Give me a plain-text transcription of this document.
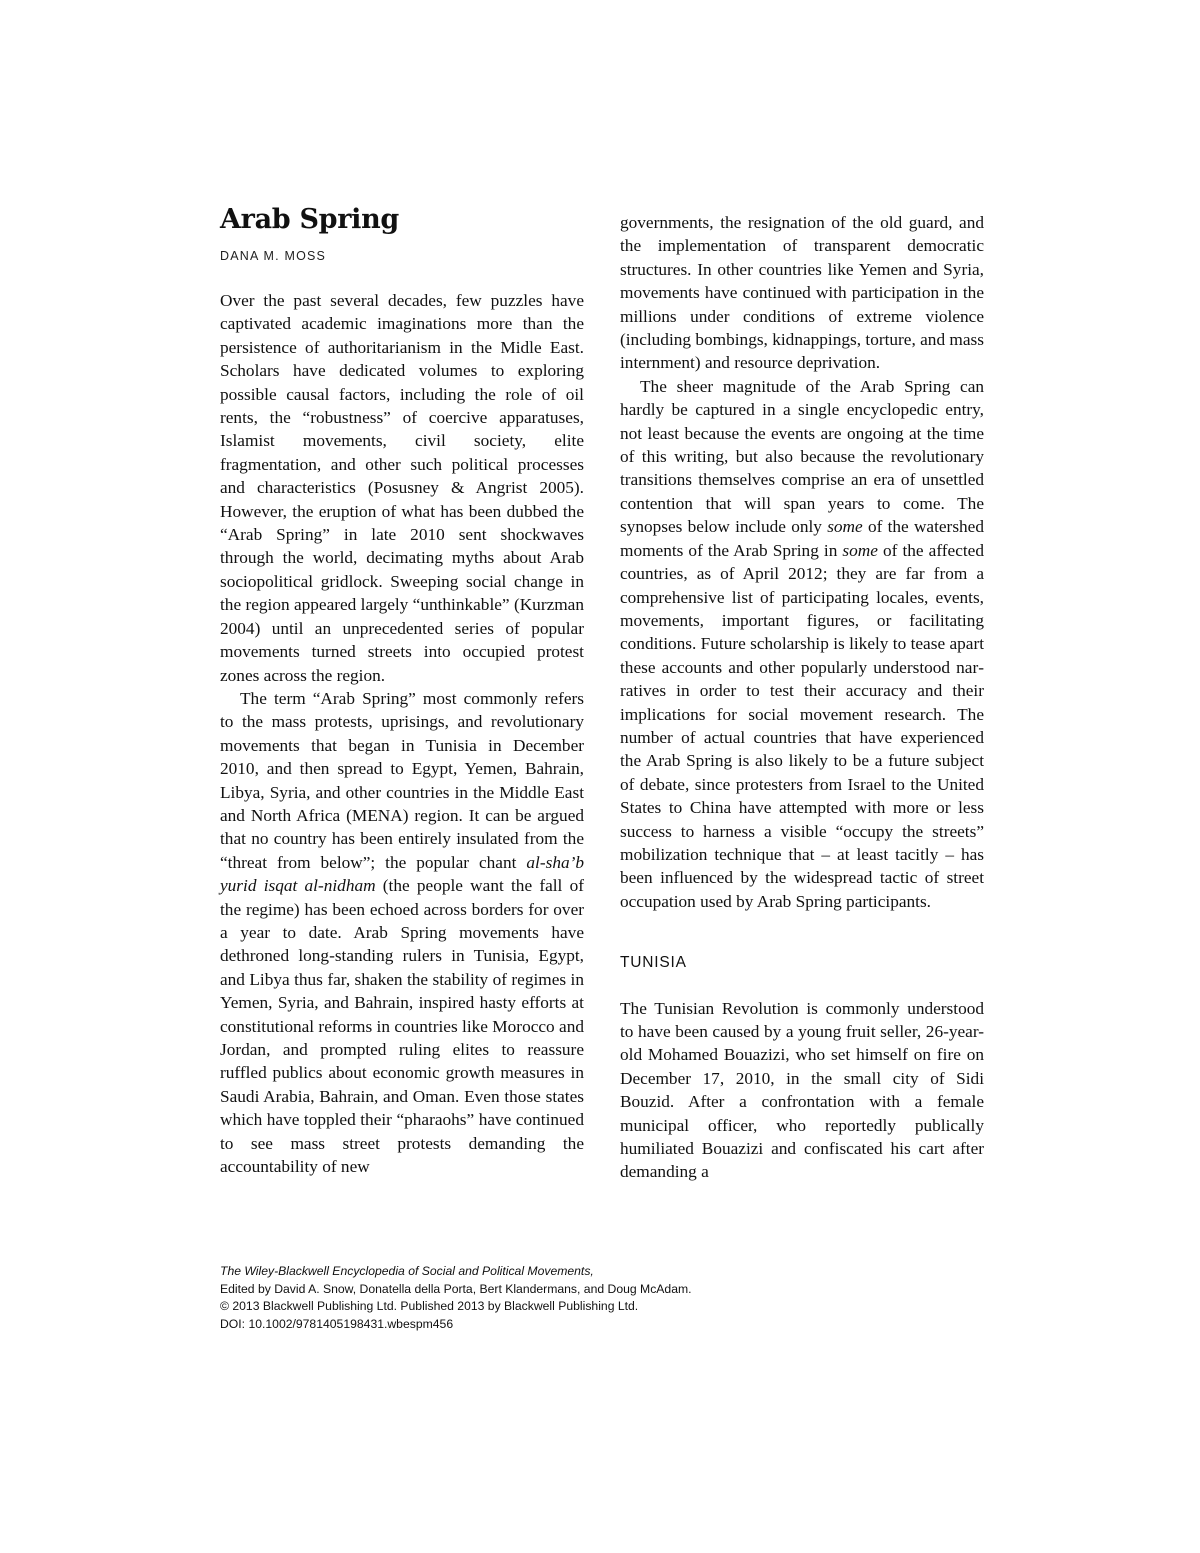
Arab Spring
DANA M. MOSS

Over the past several decades, few puzzles have captivated academic imaginations more than the persistence of authoritarianism in the Midle East. Scholars have dedicated volumes to exploring possible causal factors, including the role of oil rents, the “robustness” of coercive apparatuses, Islamist movements, civil society, elite fragmentation, and other such political processes and characteristics (Posusney & Angrist 2005). However, the eruption of what has been dubbed the “Arab Spring” in late 2010 sent shockwaves through the world, decimating myths about Arab sociopolitical gridlock. Sweeping social change in the region appeared largely “unthinkable” (Kurzman 2004) until an unprecedented series of popular movements turned streets into occupied protest zones across the region.

The term “Arab Spring” most commonly refers to the mass protests, uprisings, and revolutionary movements that began in Tunisia in December 2010, and then spread to Egypt, Yemen, Bahrain, Libya, Syria, and other countries in the Middle East and North Africa (MENA) region. It can be argued that no country has been entirely insulated from the “threat from below”; the popular chant al-sha’b yurid isqat al-nidham (the people want the fall of the regime) has been echoed across borders for over a year to date. Arab Spring movements have dethroned long-standing rulers in Tunisia, Egypt, and Libya thus far, shaken the stability of regimes in Yemen, Syria, and Bahrain, inspired hasty efforts at constitutional reforms in countries like Morocco and Jordan, and prompted ruling elites to reassure ruffled publics about economic growth measures in Saudi Arabia, Bahrain, and Oman. Even those states which have toppled their “pharaohs” have continued to see mass street protests demanding the accountability of new

governments, the resignation of the old guard, and the implementation of transparent democratic structures. In other countries like Yemen and Syria, movements have continued with participation in the millions under conditions of extreme violence (including bombings, kidnappings, torture, and mass internment) and resource deprivation.

The sheer magnitude of the Arab Spring can hardly be captured in a single encyclopedic entry, not least because the events are ongoing at the time of this writing, but also because the revolutionary transitions themselves comprise an era of unsettled contention that will span years to come. The synopses below include only some of the watershed moments of the Arab Spring in some of the affected countries, as of April 2012; they are far from a comprehensive list of participating locales, events, movements, important figures, or facilitating conditions. Future scholarship is likely to tease apart these accounts and other popularly understood narratives in order to test their accuracy and their implications for social movement research. The number of actual countries that have experienced the Arab Spring is also likely to be a future subject of debate, since protesters from Israel to the United States to China have attempted with more or less success to harness a visible “occupy the streets” mobilization technique that – at least tacitly – has been influenced by the widespread tactic of street occupation used by Arab Spring participants.

TUNISIA

The Tunisian Revolution is commonly understood to have been caused by a young fruit seller, 26-year-old Mohamed Bouazizi, who set himself on fire on December 17, 2010, in the small city of Sidi Bouzid. After a confrontation with a female municipal officer, who reportedly publically humiliated Bouazizi and confiscated his cart after demanding a

The Wiley-Blackwell Encyclopedia of Social and Political Movements,
Edited by David A. Snow, Donatella della Porta, Bert Klandermans, and Doug McAdam.
© 2013 Blackwell Publishing Ltd. Published 2013 by Blackwell Publishing Ltd.
DOI: 10.1002/9781405198431.wbespm456
